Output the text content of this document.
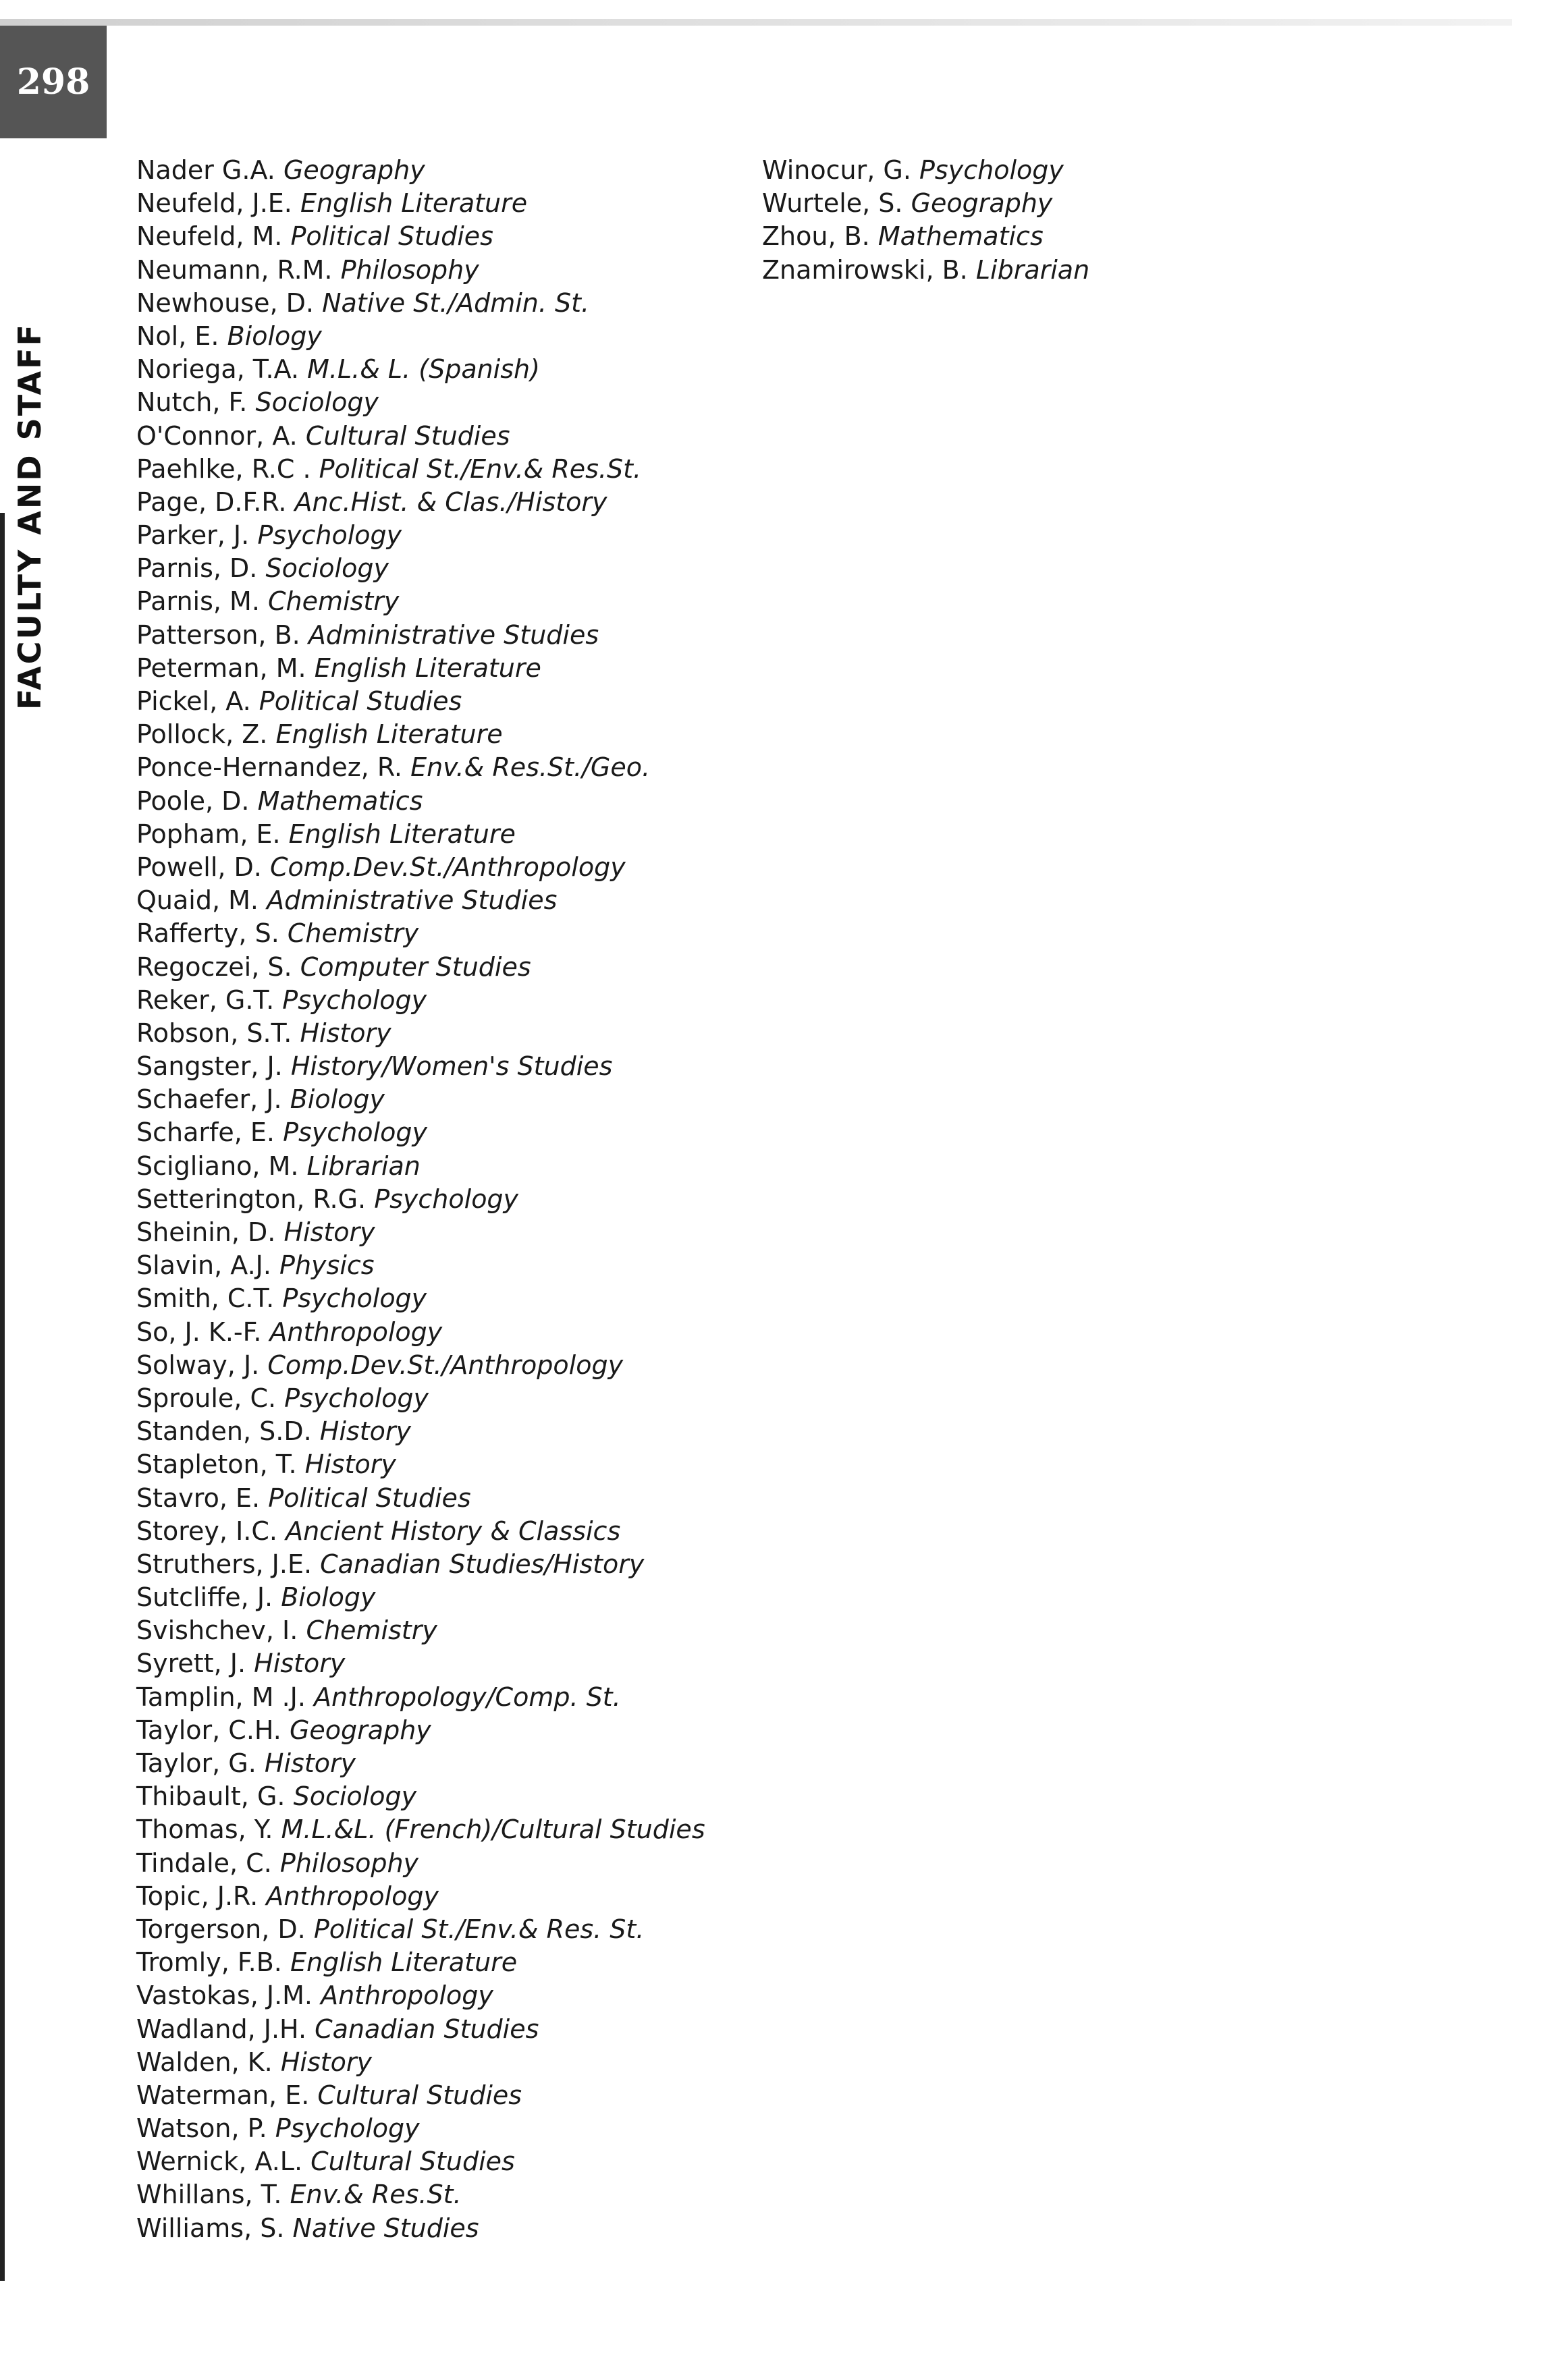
298
FACULTY AND STAFF
Nader G.A. Geography
Neufeld, J.E. English Literature
Neufeld, M. Political Studies
Neumann, R.M. Philosophy
Newhouse, D. Native St./Admin. St.
Nol, E. Biology
Noriega, T.A. M.L.& L. (Spanish)
Nutch, F. Sociology
O'Connor, A. Cultural Studies
Paehlke, R.C . Political St./Env.& Res.St.
Page, D.F.R. Anc.Hist. & Clas./History
Parker, J. Psychology
Parnis, D. Sociology
Parnis, M. Chemistry
Patterson, B. Administrative Studies
Peterman, M. English Literature
Pickel, A. Political Studies
Pollock, Z. English Literature
Ponce-Hernandez, R. Env.& Res.St./Geo.
Poole, D. Mathematics
Popham, E. English Literature
Powell, D. Comp.Dev.St./Anthropology
Quaid, M. Administrative Studies
Rafferty, S. Chemistry
Regoczei, S. Computer Studies
Reker, G.T. Psychology
Robson, S.T. History
Sangster, J. History/Women's Studies
Schaefer, J. Biology
Scharfe, E. Psychology
Scigliano, M. Librarian
Setterington, R.G. Psychology
Sheinin, D. History
Slavin, A.J. Physics
Smith, C.T. Psychology
So, J. K.-F. Anthropology
Solway, J. Comp.Dev.St./Anthropology
Sproule, C. Psychology
Standen, S.D. History
Stapleton, T. History
Stavro, E. Political Studies
Storey, I.C. Ancient History & Classics
Struthers, J.E. Canadian Studies/History
Sutcliffe, J. Biology
Svishchev, I. Chemistry
Syrett, J. History
Tamplin, M .J. Anthropology/Comp. St.
Taylor, C.H. Geography
Taylor, G. History
Thibault, G. Sociology
Thomas, Y. M.L.&L. (French)/Cultural Studies
Tindale, C. Philosophy
Topic, J.R. Anthropology
Torgerson, D. Political St./Env.& Res. St.
Tromly, F.B. English Literature
Vastokas, J.M. Anthropology
Wadland, J.H. Canadian Studies
Walden, K. History
Waterman, E. Cultural Studies
Watson, P. Psychology
Wernick, A.L. Cultural Studies
Whillans, T. Env.& Res.St.
Williams, S. Native Studies
Winocur, G. Psychology
Wurtele, S. Geography
Zhou, B. Mathematics
Znamirowski, B. Librarian
